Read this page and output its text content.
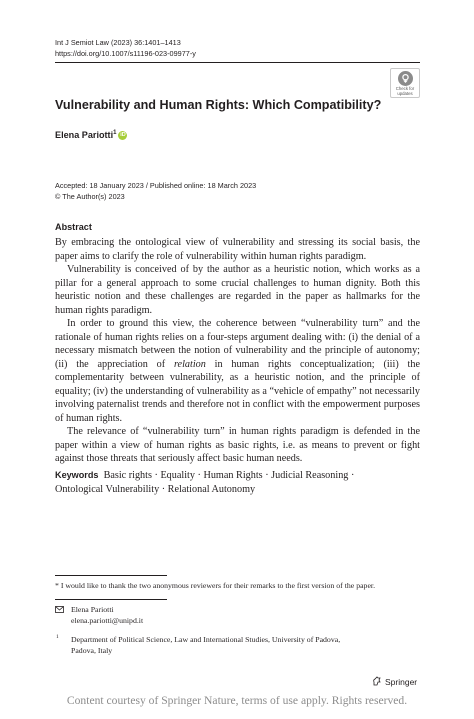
Int J Semiot Law (2023) 36:1401–1413
https://doi.org/10.1007/s11196-023-09977-y
Check for
updates
Vulnerability and Human Rights: Which Compatibility?
Elena Pariotti$^1$ iD
Accepted: 18 January 2023 / Published online: 18 March 2023
© The Author(s) 2023
Abstract

By embracing the ontological view of vulnerability and stressing its social basis, the paper aims to clarify the role of vulnerability within human rights paradigm.

Vulnerability is conceived of by the author as a heuristic notion, which works as a pillar for a general approach to some crucial challenges to human dignity. Both this heuristic notion and these challenges are regarded in the paper as hallmarks for the human rights paradigm.

In order to ground this view, the coherence between “vulnerability turn” and the rationale of human rights relies on a four-steps argument dealing with: (i) the denial of a necessary mismatch between the notion of vulnerability and the principle of autonomy; (ii) the appreciation of relation in human rights conceptualization; (iii) the complementarity between vulnerability, as a heuristic notion, and the principle of equality; (iv) the understanding of vulnerability as a “vehicle of empathy” not necessarily involving paternalist trends and therefore not in conflict with the empowerment purposes of human rights.

The relevance of “vulnerability turn” in human rights paradigm is defended in the paper within a view of human rights as basic rights, i.e. as means to prevent or fight against those threats that seriously affect basic human needs.

Keywords Basic rights · Equality · Human Rights · Judicial Reasoning ·
Ontological Vulnerability · Relational Autonomy
* I would like to thank the two anonymous reviewers for their remarks to the first version of the paper.
Elena Pariotti
elena.pariotti@unipd.it
1 Department of Political Science, Law and International Studies, University of Padova,
Padova, Italy
Springer
Content courtesy of Springer Nature, terms of use apply. Rights reserved.
